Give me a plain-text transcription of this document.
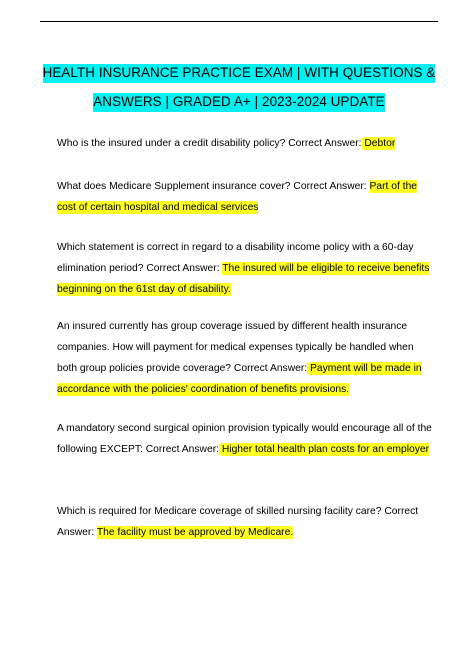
HEALTH INSURANCE PRACTICE EXAM | WITH QUESTIONS & ANSWERS | GRADED A+ | 2023-2024 UPDATE

Who is the insured under a credit disability policy? Correct Answer: Debtor

What does Medicare Supplement insurance cover? Correct Answer: Part of the cost of certain hospital and medical services

Which statement is correct in regard to a disability income policy with a 60-day elimination period? Correct Answer: The insured will be eligible to receive benefits beginning on the 61st day of disability.

An insured currently has group coverage issued by different health insurance companies. How will payment for medical expenses typically be handled when both group policies provide coverage? Correct Answer: Payment will be made in accordance with the policies' coordination of benefits provisions.

A mandatory second surgical opinion provision typically would encourage all of the following EXCEPT: Correct Answer: Higher total health plan costs for an employer

Which is required for Medicare coverage of skilled nursing facility care? Correct Answer: The facility must be approved by Medicare.
